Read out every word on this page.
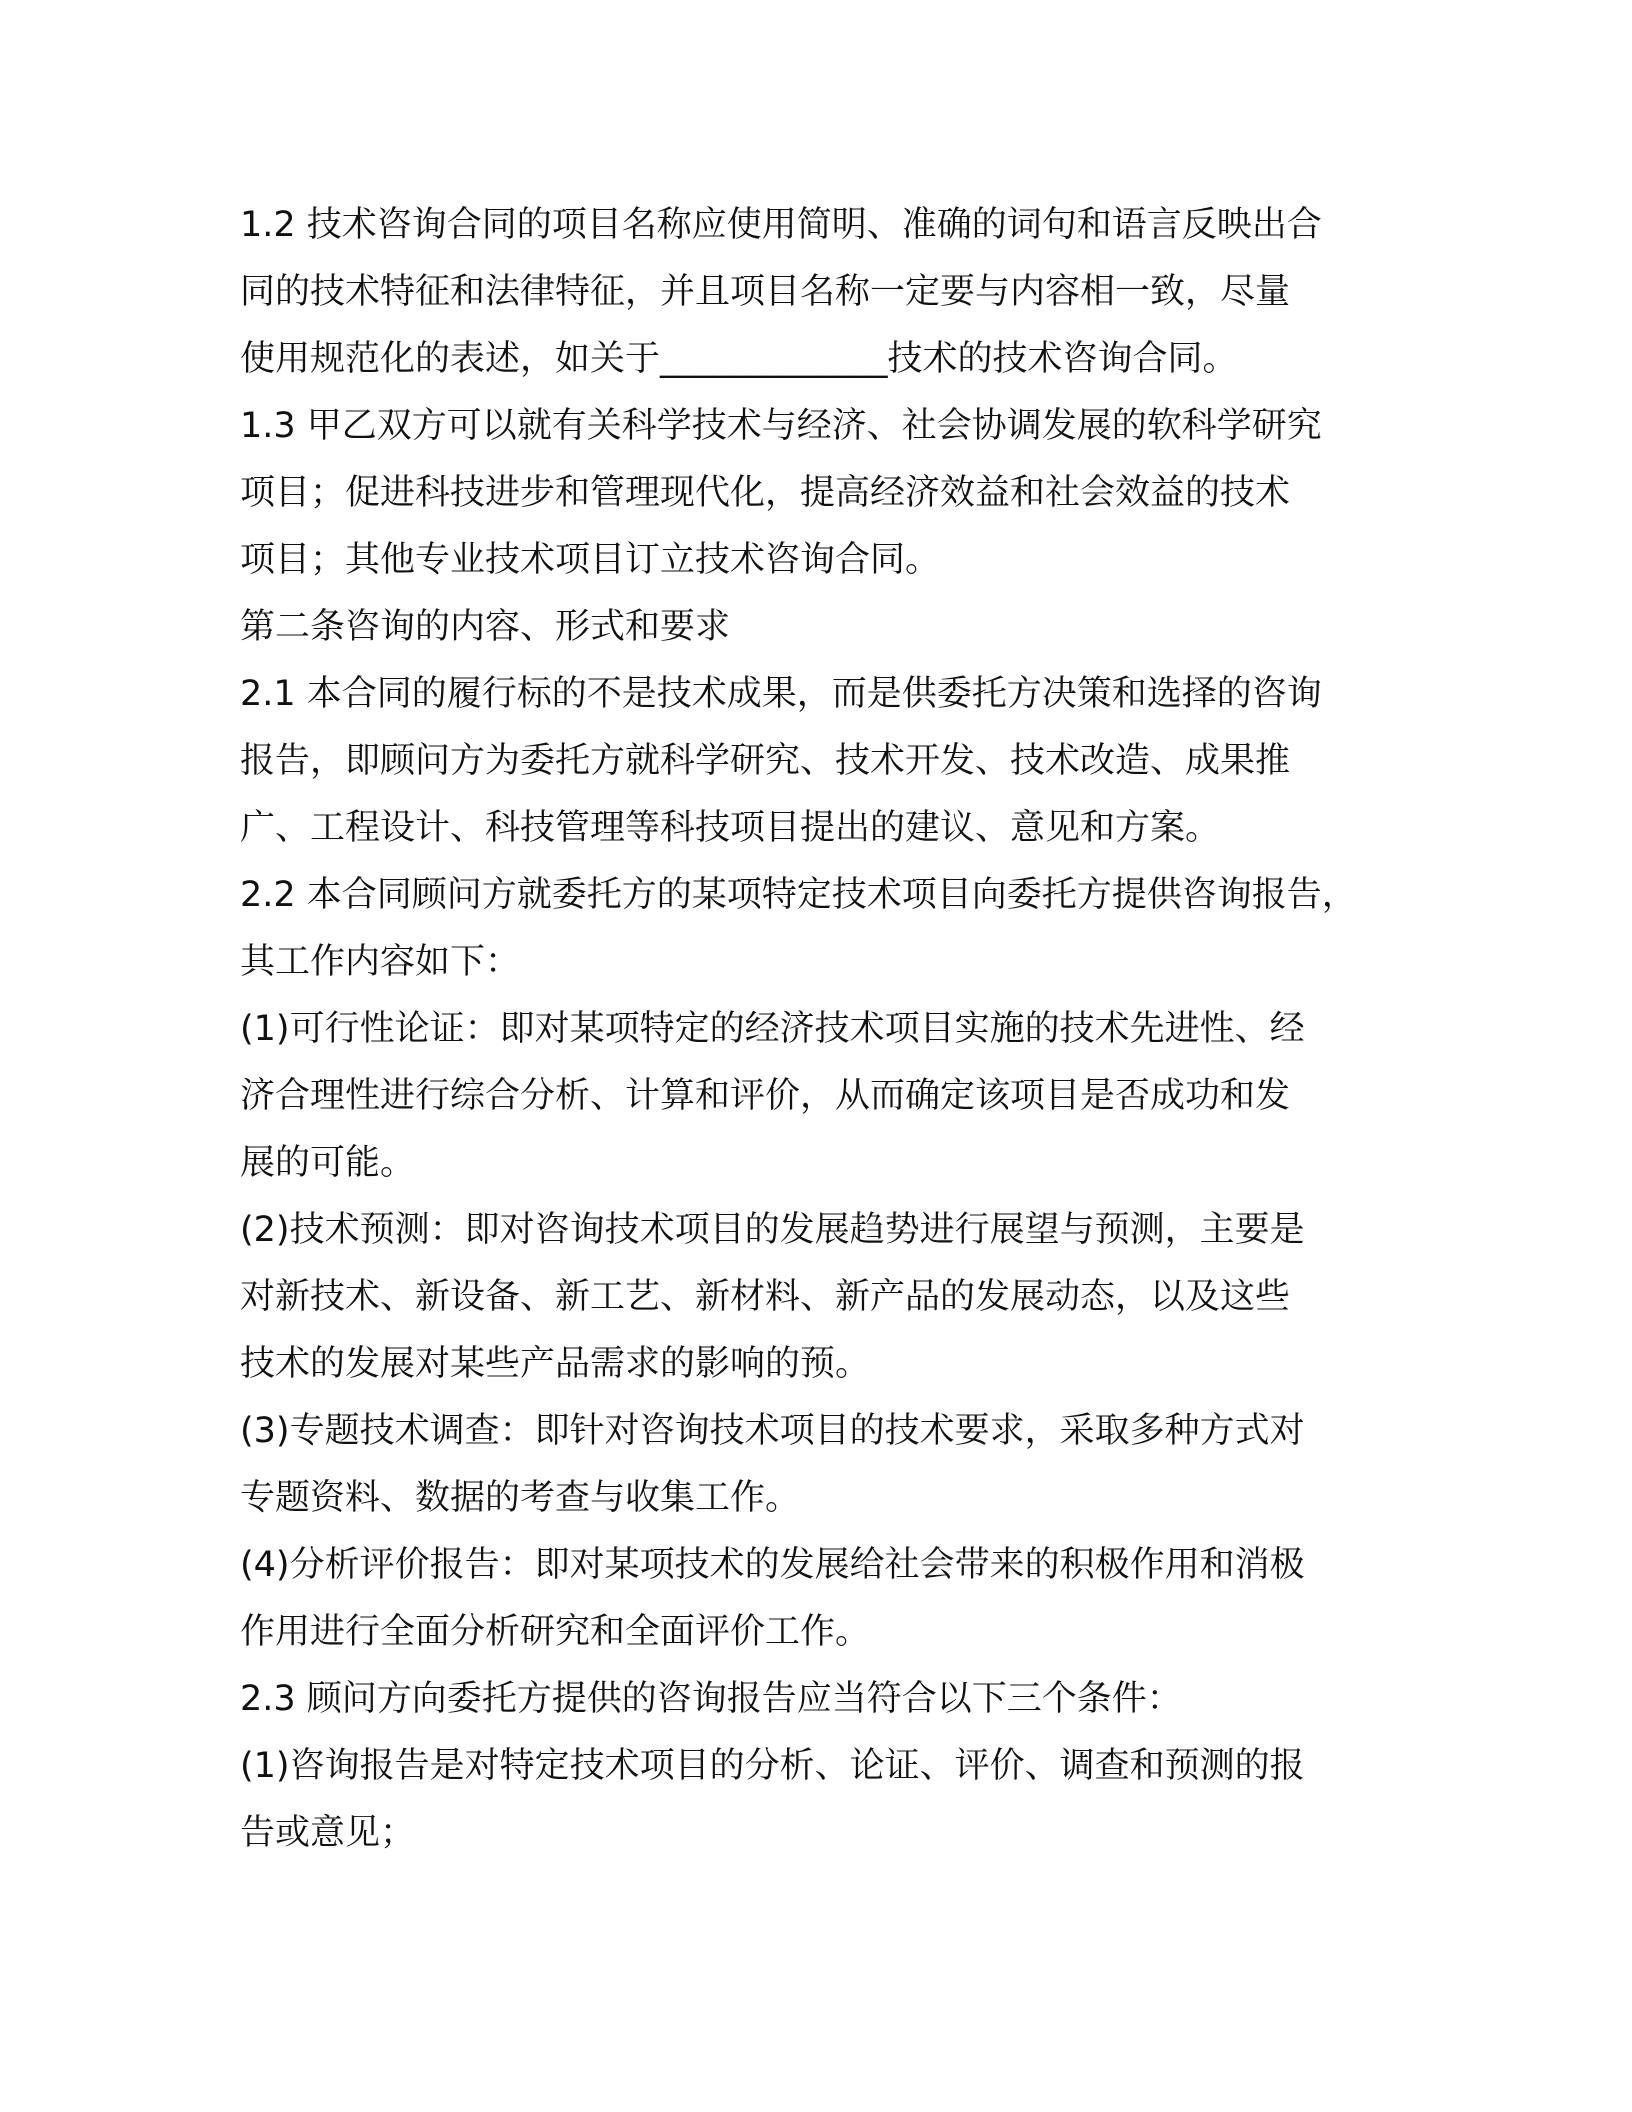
1.2 技术咨询合同的项目名称应使用简明、准确的词句和语言反映出合

同的技术特征和法律特征，并且项目名称一定要与内容相一致，尽量

使用规范化的表述，如关于_____________技术的技术咨询合同。

1.3 甲乙双方可以就有关科学技术与经济、社会协调发展的软科学研究

项目；促进科技进步和管理现代化，提高经济效益和社会效益的技术

项目；其他专业技术项目订立技术咨询合同。

第二条咨询的内容、形式和要求

2.1 本合同的履行标的不是技术成果，而是供委托方决策和选择的咨询

报告，即顾问方为委托方就科学研究、技术开发、技术改造、成果推

广、工程设计、科技管理等科技项目提出的建议、意见和方案。

2.2 本合同顾问方就委托方的某项特定技术项目向委托方提供咨询报告，

其工作内容如下：

(1)可行性论证：即对某项特定的经济技术项目实施的技术先进性、经

济合理性进行综合分析、计算和评价，从而确定该项目是否成功和发

展的可能。

(2)技术预测：即对咨询技术项目的发展趋势进行展望与预测，主要是

对新技术、新设备、新工艺、新材料、新产品的发展动态，以及这些

技术的发展对某些产品需求的影响的预。

(3)专题技术调查：即针对咨询技术项目的技术要求，采取多种方式对

专题资料、数据的考查与收集工作。

(4)分析评价报告：即对某项技术的发展给社会带来的积极作用和消极

作用进行全面分析研究和全面评价工作。

2.3 顾问方向委托方提供的咨询报告应当符合以下三个条件：

(1)咨询报告是对特定技术项目的分析、论证、评价、调查和预测的报

告或意见；
